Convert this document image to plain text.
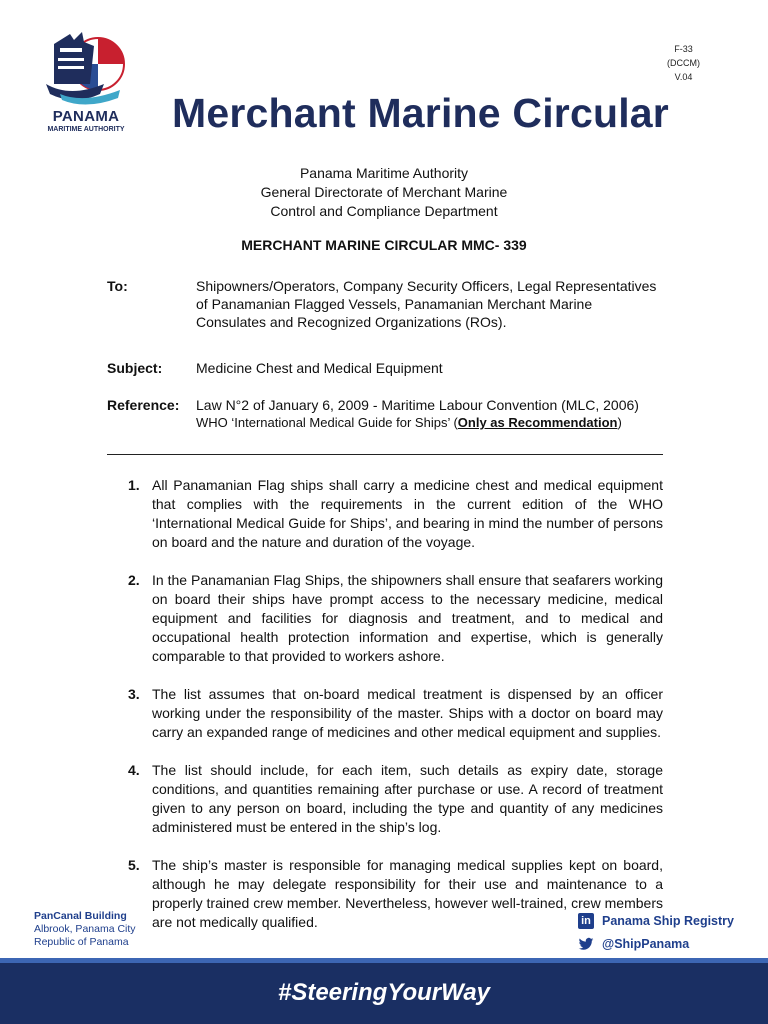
PANAMA
MARITIME AUTHORITY
F-33
(DCCM)
V.04
Merchant Marine Circular
Panama Maritime Authority
General Directorate of Merchant Marine
Control and Compliance Department
MERCHANT MARINE CIRCULAR MMC- 339
To:	Shipowners/Operators, Company Security Officers, Legal Representatives of Panamanian Flagged Vessels, Panamanian Merchant Marine Consulates and Recognized Organizations (ROs).
Subject: Medicine Chest and Medical Equipment
Reference: Law N°2 of January 6, 2009 - Maritime Labour Convention (MLC, 2006)
WHO ‘International Medical Guide for Ships’ (Only as Recommendation)
1. All Panamanian Flag ships shall carry a medicine chest and medical equipment that complies with the requirements in the current edition of the WHO ‘International Medical Guide for Ships’, and bearing in mind the number of persons on board and the nature and duration of the voyage.
2. In the Panamanian Flag Ships, the shipowners shall ensure that seafarers working on board their ships have prompt access to the necessary medicine, medical equipment and facilities for diagnosis and treatment, and to medical and occupational health protection information and expertise, which is generally comparable to that provided to workers ashore.
3. The list assumes that on-board medical treatment is dispensed by an officer working under the responsibility of the master. Ships with a doctor on board may carry an expanded range of medicines and other medical equipment and supplies.
4. The list should include, for each item, such details as expiry date, storage conditions, and quantities remaining after purchase or use. A record of treatment given to any person on board, including the type and quantity of any medicines administered must be entered in the ship’s log.
5. The ship’s master is responsible for managing medical supplies kept on board, although he may delegate responsibility for their use and maintenance to a properly trained crew member. Nevertheless, however well-trained, crew members are not medically qualified.
PanCanal Building
Albrook, Panama City
Republic of Panama
in Panama Ship Registry
@ShipPanama
#SteeringYourWay
